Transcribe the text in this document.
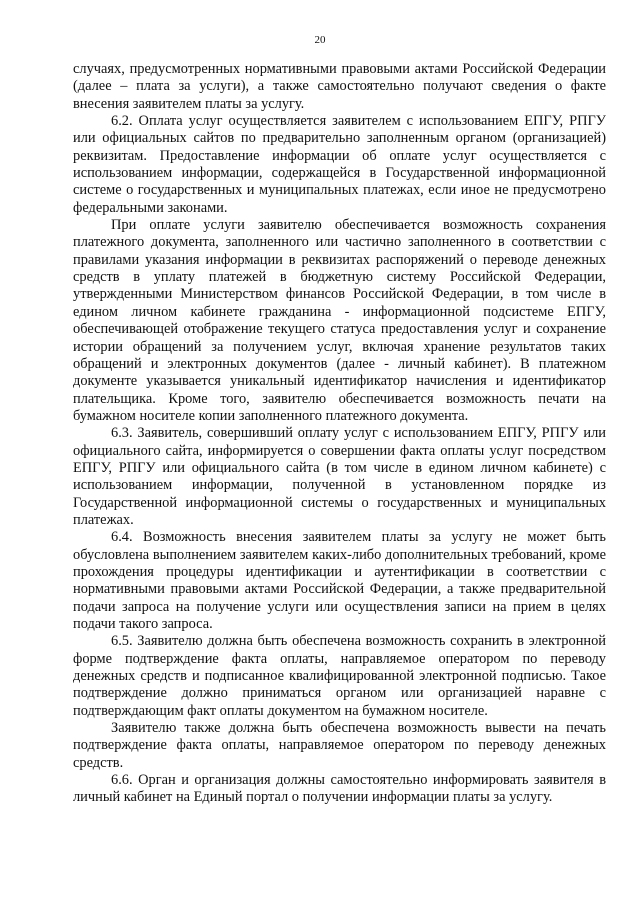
20

случаях, предусмотренных нормативными правовыми актами Российской Федерации (далее – плата за услуги), а также самостоятельно получают сведения о факте внесения заявителем платы за услугу.

6.2. Оплата услуг осуществляется заявителем с использованием ЕПГУ, РПГУ или официальных сайтов по предварительно заполненным органом (организацией) реквизитам. Предоставление информации об оплате услуг осуществляется с использованием информации, содержащейся в Государственной информационной системе о государственных и муниципальных платежах, если иное не предусмотрено федеральными законами.

При оплате услуги заявителю обеспечивается возможность сохранения платежного документа, заполненного или частично заполненного в соответствии с правилами указания информации в реквизитах распоряжений о переводе денежных средств в уплату платежей в бюджетную систему Российской Федерации, утвержденными Министерством финансов Российской Федерации, в том числе в едином личном кабинете гражданина - информационной подсистеме ЕПГУ, обеспечивающей отображение текущего статуса предоставления услуг и сохранение истории обращений за получением услуг, включая хранение результатов таких обращений и электронных документов (далее - личный кабинет). В платежном документе указывается уникальный идентификатор начисления и идентификатор плательщика. Кроме того, заявителю обеспечивается возможность печати на бумажном носителе копии заполненного платежного документа.

6.3. Заявитель, совершивший оплату услуг с использованием ЕПГУ, РПГУ или официального сайта, информируется о совершении факта оплаты услуг посредством ЕПГУ, РПГУ или официального сайта (в том числе в едином личном кабинете) с использованием информации, полученной в установленном порядке из Государственной информационной системы о государственных и муниципальных платежах.

6.4. Возможность внесения заявителем платы за услугу не может быть обусловлена выполнением заявителем каких-либо дополнительных требований, кроме прохождения процедуры идентификации и аутентификации в соответствии с нормативными правовыми актами Российской Федерации, а также предварительной подачи запроса на получение услуги или осуществления записи на прием в целях подачи такого запроса.

6.5. Заявителю должна быть обеспечена возможность сохранить в электронной форме подтверждение факта оплаты, направляемое оператором по переводу денежных средств и подписанное квалифицированной электронной подписью. Такое подтверждение должно приниматься органом или организацией наравне с подтверждающим факт оплаты документом на бумажном носителе.

Заявителю также должна быть обеспечена возможность вывести на печать подтверждение факта оплаты, направляемое оператором по переводу денежных средств.

6.6. Орган и организация должны самостоятельно информировать заявителя в личный кабинет на Единый портал о получении информации платы за услугу.
